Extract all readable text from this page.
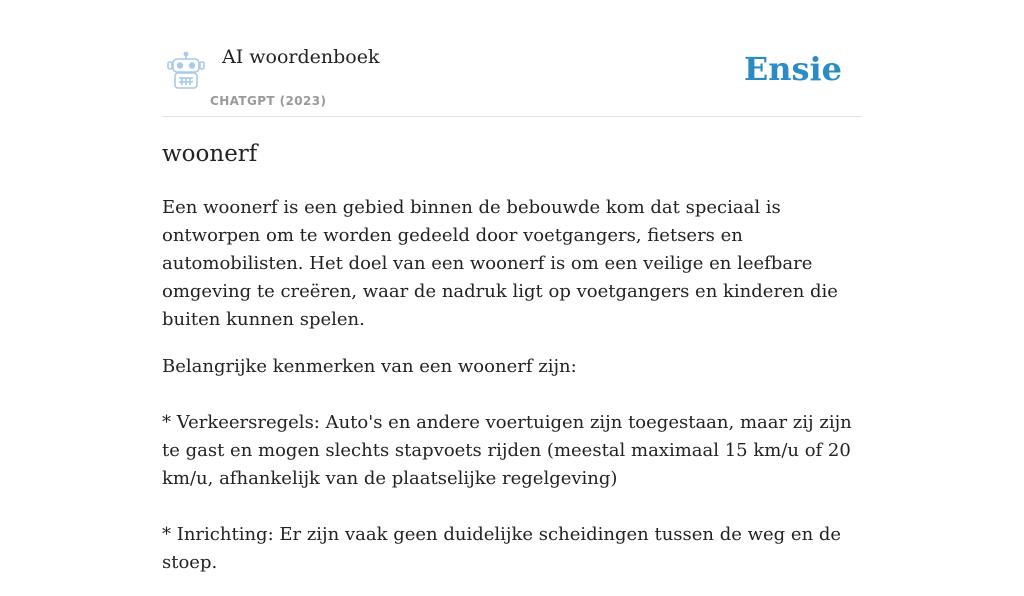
AI woordenboek
CHATGPT (2023)
Ensie
woonerf

Een woonerf is een gebied binnen de bebouwde kom dat speciaal is ontworpen om te worden gedeeld door voetgangers, fietsers en automobilisten. Het doel van een woonerf is om een veilige en leefbare omgeving te creëren, waar de nadruk ligt op voetgangers en kinderen die buiten kunnen spelen.

Belangrijke kenmerken van een woonerf zijn:

* Verkeersregels: Auto's en andere voertuigen zijn toegestaan, maar zij zijn te gast en mogen slechts stapvoets rijden (meestal maximaal 15 km/u of 20 km/u, afhankelijk van de plaatselijke regelgeving)

* Inrichting: Er zijn vaak geen duidelijke scheidingen tussen de weg en de stoep.
